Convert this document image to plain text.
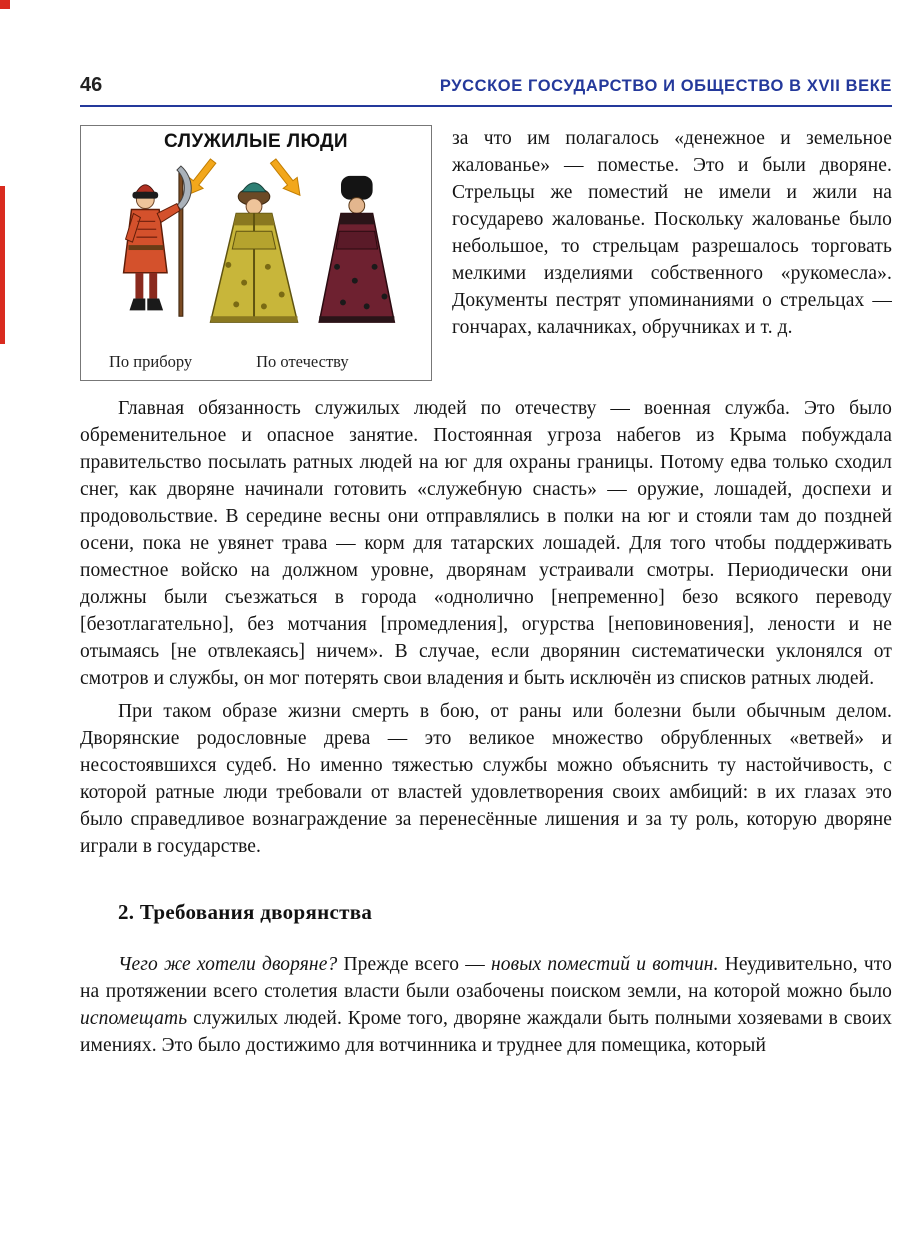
46	РУССКОЕ ГОСУДАРСТВО И ОБЩЕСТВО В XVII ВЕКЕ
СЛУЖИЛЫЕ ЛЮДИ
По прибору	По отечеству

за что им полагалось «денежное и земельное жалованье» — поместье. Это и были дворяне. Стрельцы же поместий не имели и жили на государево жалованье. Поскольку жалованье было небольшое, то стрельцам разрешалось торговать мелкими изделиями собственного «рукомесла». Документы пестрят упоминаниями о стрельцах — гончарах, калачниках, обручниках и т. д.

Главная обязанность служилых людей по отечеству — военная служба. Это было обременительное и опасное занятие. Постоянная угроза набегов из Крыма побуждала правительство посылать ратных людей на юг для охраны границы. Потому едва только сходил снег, как дворяне начинали готовить «служебную снасть» — оружие, лошадей, доспехи и продовольствие. В середине весны они отправлялись в полки на юг и стояли там до поздней осени, пока не увянет трава — корм для татарских лошадей. Для того чтобы поддерживать поместное войско на должном уровне, дворянам устраивали смотры. Периодически они должны были съезжаться в города «однолично [непременно] безо всякого переводу [безотлагательно], без мотчания [промедления], огурства [неповиновения], лености и не отымаясь [не отвлекаясь] ничем». В случае, если дворянин систематически уклонялся от смотров и службы, он мог потерять свои владения и быть исключён из списков ратных людей.

При таком образе жизни смерть в бою, от раны или болезни были обычным делом. Дворянские родословные древа — это великое множество обрубленных «ветвей» и несостоявшихся судеб. Но именно тяжестью службы можно объяснить ту настойчивость, с которой ратные люди требовали от властей удовлетворения своих амбиций: в их глазах это было справедливое вознаграждение за перенесённые лишения и за ту роль, которую дворяне играли в государстве.

2. Требования дворянства

Чего же хотели дворяне? Прежде всего — новых поместий и вотчин. Неудивительно, что на протяжении всего столетия власти были озабочены поиском земли, на которой можно было испомещать служилых людей. Кроме того, дворяне жаждали быть полными хозяевами в своих имениях. Это было достижимо для вотчинника и труднее для помещика, который
